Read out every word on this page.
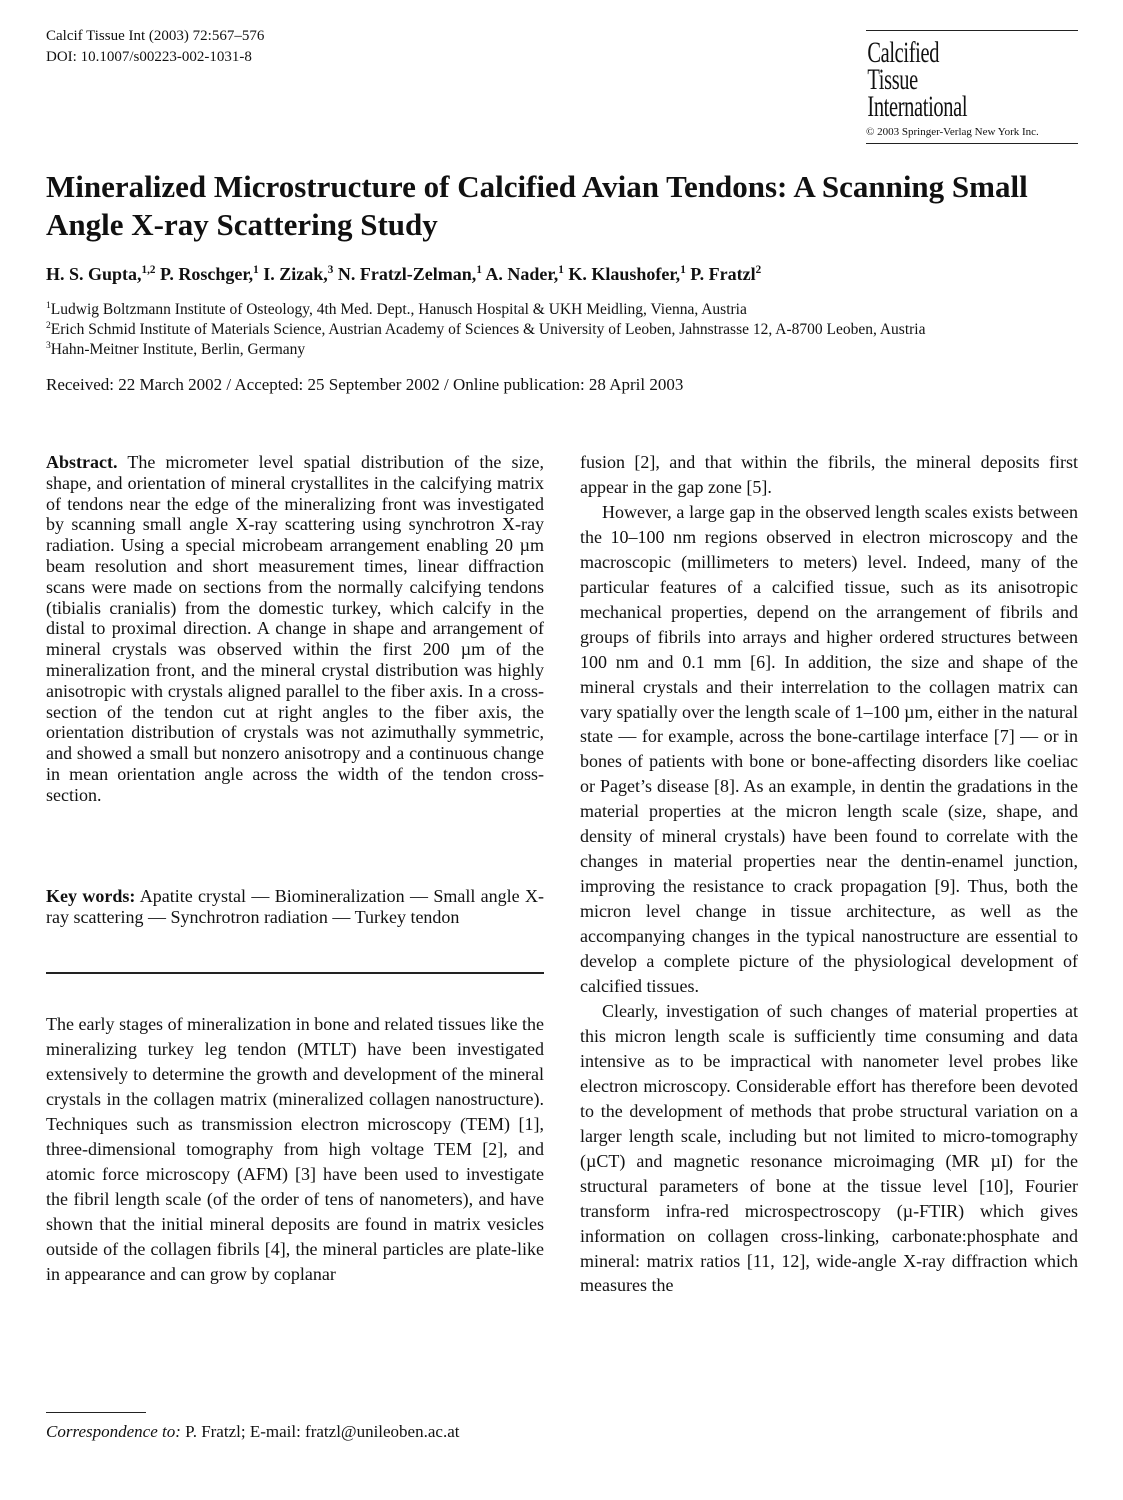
Calcif Tissue Int (2003) 72:567–576
DOI: 10.1007/s00223-002-1031-8	Calcified
Tissue
International
© 2003 Springer-Verlag New York Inc.
Mineralized Microstructure of Calcified Avian Tendons: A Scanning Small Angle X-ray Scattering Study
H. S. Gupta,$^{1,2}$ P. Roschger,$^1$ I. Zizak,$^3$ N. Fratzl-Zelman,$^1$ A. Nader,$^1$ K. Klaushofer,$^1$ P. Fratzl$^2$
$^1$Ludwig Boltzmann Institute of Osteology, 4th Med. Dept., Hanusch Hospital & UKH Meidling, Vienna, Austria
$^2$Erich Schmid Institute of Materials Science, Austrian Academy of Sciences & University of Leoben, Jahnstrasse 12, A-8700 Leoben, Austria
$^3$Hahn-Meitner Institute, Berlin, Germany
Received: 22 March 2002 / Accepted: 25 September 2002 / Online publication: 28 April 2003
Abstract. The micrometer level spatial distribution of the size, shape, and orientation of mineral crystallites in the calcifying matrix of tendons near the edge of the mineralizing front was investigated by scanning small angle X-ray scattering using synchrotron X-ray radiation. Using a special microbeam arrangement enabling 20 µm beam resolution and short measurement times, linear diffraction scans were made on sections from the normally calcifying tendons (tibialis cranialis) from the domestic turkey, which calcify in the distal to proximal direction. A change in shape and arrangement of mineral crystals was observed within the first 200 µm of the mineralization front, and the mineral crystal distribution was highly anisotropic with crystals aligned parallel to the fiber axis. In a cross-section of the tendon cut at right angles to the fiber axis, the orientation distribution of crystals was not azimuthally symmetric, and showed a small but nonzero anisotropy and a continuous change in mean orientation angle across the width of the tendon cross-section.
Key words: Apatite crystal — Biomineralization — Small angle X-ray scattering — Synchrotron radiation — Turkey tendon
The early stages of mineralization in bone and related tissues like the mineralizing turkey leg tendon (MTLT) have been investigated extensively to determine the growth and development of the mineral crystals in the collagen matrix (mineralized collagen nanostructure). Techniques such as transmission electron microscopy (TEM) [1], three-dimensional tomography from high voltage TEM [2], and atomic force microscopy (AFM) [3] have been used to investigate the fibril length scale (of the order of tens of nanometers), and have shown that the initial mineral deposits are found in matrix vesicles outside of the collagen fibrils [4], the mineral particles are plate-like in appearance and can grow by coplanar
Correspondence to: P. Fratzl; E-mail: fratzl@unileoben.ac.at

fusion [2], and that within the fibrils, the mineral deposits first appear in the gap zone [5].

However, a large gap in the observed length scales exists between the 10–100 nm regions observed in electron microscopy and the macroscopic (millimeters to meters) level. Indeed, many of the particular features of a calcified tissue, such as its anisotropic mechanical properties, depend on the arrangement of fibrils and groups of fibrils into arrays and higher ordered structures between 100 nm and 0.1 mm [6]. In addition, the size and shape of the mineral crystals and their interrelation to the collagen matrix can vary spatially over the length scale of 1–100 µm, either in the natural state — for example, across the bone-cartilage interface [7] — or in bones of patients with bone or bone-affecting disorders like coeliac or Paget’s disease [8]. As an example, in dentin the gradations in the material properties at the micron length scale (size, shape, and density of mineral crystals) have been found to correlate with the changes in material properties near the dentin-enamel junction, improving the resistance to crack propagation [9]. Thus, both the micron level change in tissue architecture, as well as the accompanying changes in the typical nanostructure are essential to develop a complete picture of the physiological development of calcified tissues.

Clearly, investigation of such changes of material properties at this micron length scale is sufficiently time consuming and data intensive as to be impractical with nanometer level probes like electron microscopy. Considerable effort has therefore been devoted to the development of methods that probe structural variation on a larger length scale, including but not limited to micro-tomography (µCT) and magnetic resonance microimaging (MR µI) for the structural parameters of bone at the tissue level [10], Fourier transform infra-red microspectroscopy (µ-FTIR) which gives information on collagen cross-linking, carbonate:phosphate and mineral: matrix ratios [11, 12], wide-angle X-ray diffraction which measures the
